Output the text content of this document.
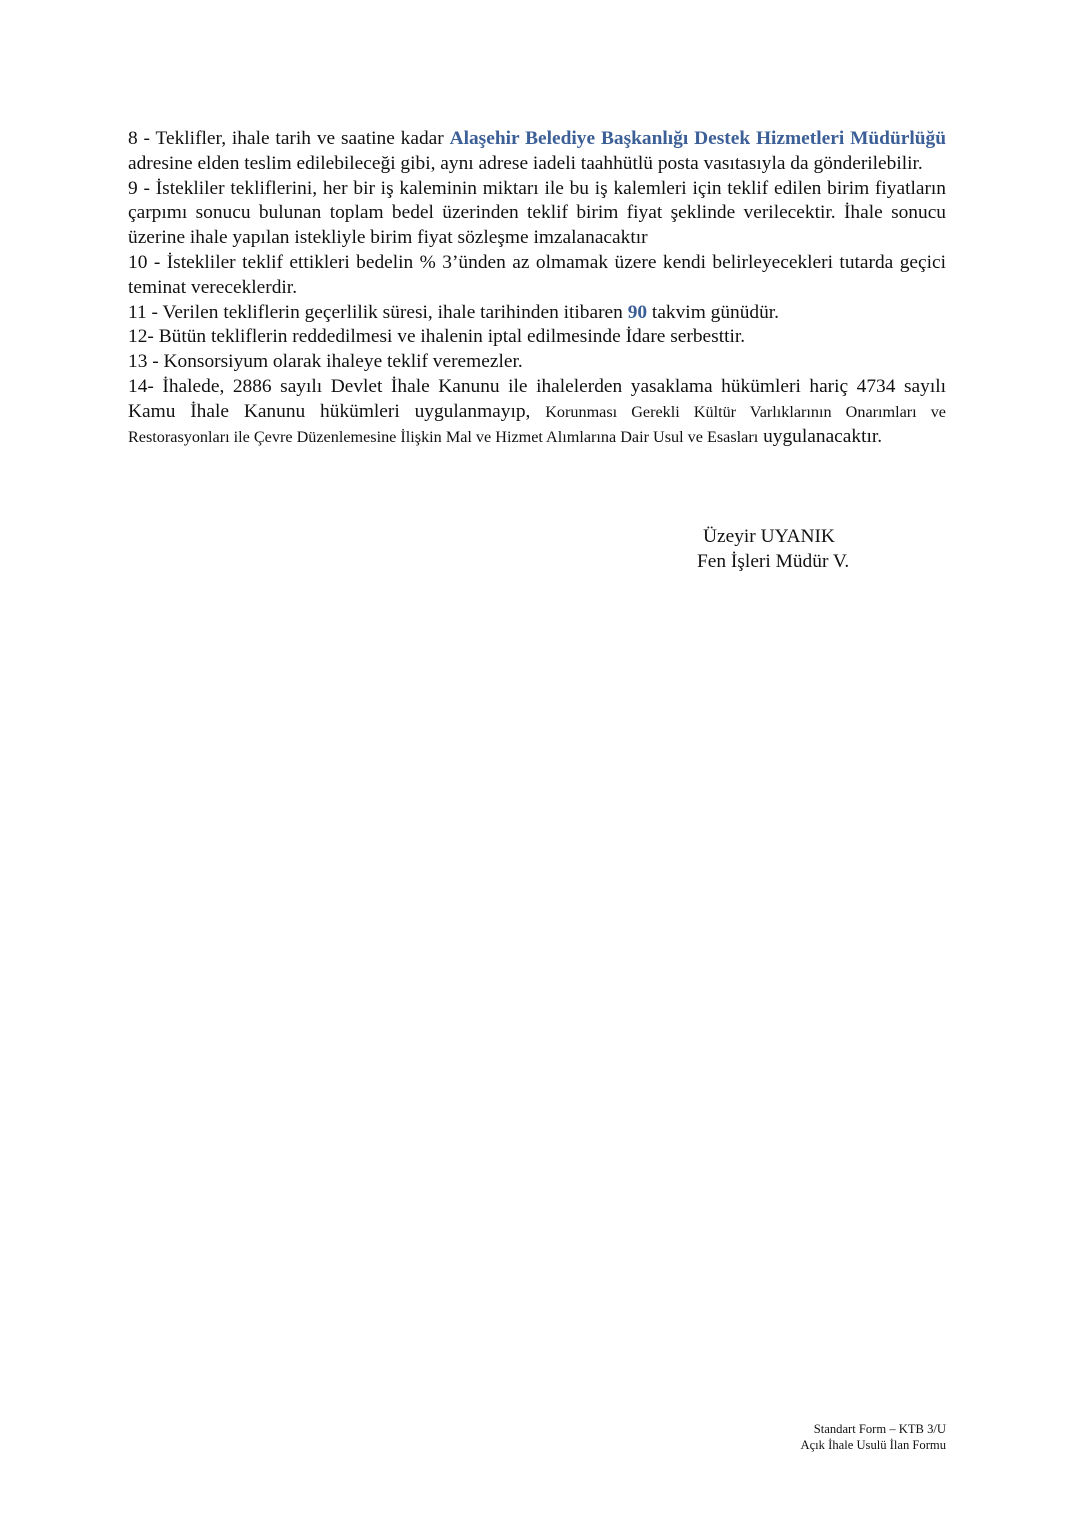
8 - Teklifler, ihale tarih ve saatine kadar Alaşehir Belediye Başkanlığı Destek Hizmetleri Müdürlüğü adresine elden teslim edilebileceği gibi, aynı adrese iadeli taahhütlü posta vasıtasıyla da gönderilebilir.

9 - İstekliler tekliflerini, her bir iş kaleminin miktarı ile bu iş kalemleri için teklif edilen birim fiyatların çarpımı sonucu bulunan toplam bedel üzerinden teklif birim fiyat şeklinde verilecektir. İhale sonucu üzerine ihale yapılan istekliyle birim fiyat sözleşme imzalanacaktır

10 - İstekliler teklif ettikleri bedelin % 3’ünden az olmamak üzere kendi belirleyecekleri tutarda geçici teminat vereceklerdir.

11 - Verilen tekliflerin geçerlilik süresi, ihale tarihinden itibaren 90 takvim günüdür.

12- Bütün tekliflerin reddedilmesi ve ihalenin iptal edilmesinde İdare serbesttir.

13 - Konsorsiyum olarak ihaleye teklif veremezler.

14- İhalede, 2886 sayılı Devlet İhale Kanunu ile ihalelerden yasaklama hükümleri hariç 4734 sayılı Kamu İhale Kanunu hükümleri uygulanmayıp, Korunması Gerekli Kültür Varlıklarının Onarımları ve Restorasyonları ile Çevre Düzenlemesine İlişkin Mal ve Hizmet Alımlarına Dair Usul ve Esasları uygulanacaktır.

Üzeyir UYANIK
Fen İşleri Müdür V.
Standart Form – KTB 3/U
Açık İhale Usulü İlan Formu
